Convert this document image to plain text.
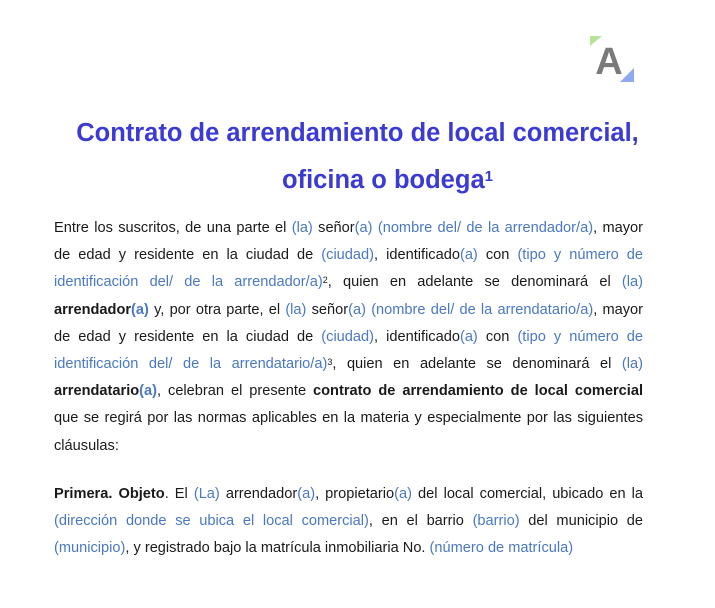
A
Contrato de arrendamiento de local comercial,
oficina o bodega$^1$

Entre los suscritos, de una parte el (la) señor(a) (nombre del/ de la arrendador/a), mayor de edad y residente en la ciudad de (ciudad), identificado(a) con (tipo y número de identificación del/ de la arrendador/a)$^2$, quien en adelante se denominará el (la) arrendador(a) y, por otra parte, el (la) señor(a) (nombre del/ de la arrendatario/a), mayor de edad y residente en la ciudad de (ciudad), identificado(a) con (tipo y número de identificación del/ de la arrendatario/a)$^3$, quien en adelante se denominará el (la) arrendatario(a), celebran el presente contrato de arrendamiento de local comercial que se regirá por las normas aplicables en la materia y especialmente por las siguientes cláusulas:

Primera. Objeto. El (La) arrendador(a), propietario(a) del local comercial, ubicado en la (dirección donde se ubica el local comercial), en el barrio (barrio) del municipio de (municipio), y registrado bajo la matrícula inmobiliaria No. (número de matrícula)
